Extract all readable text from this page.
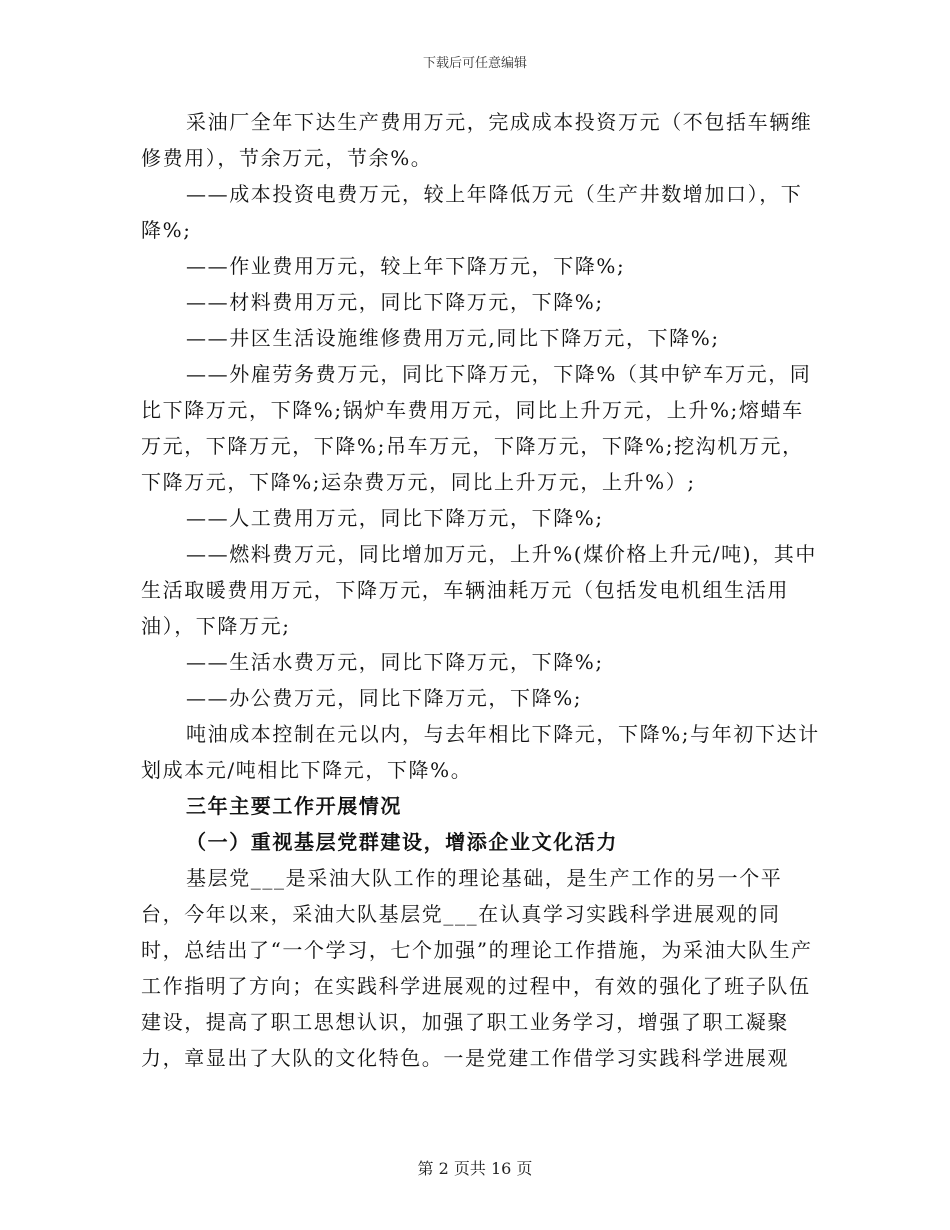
下载后可任意编辑

采油厂全年下达生产费用万元，完成成本投资万元（不包括车辆维修费用），节余万元，节余%。

——成本投资电费万元，较上年降低万元（生产井数增加口），下降%;

——作业费用万元，较上年下降万元，下降%;

——材料费用万元，同比下降万元，下降%;

——井区生活设施维修费用万元,同比下降万元，下降%;

——外雇劳务费万元，同比下降万元，下降%（其中铲车万元，同比下降万元，下降%;锅炉车费用万元，同比上升万元，上升%;熔蜡车万元，下降万元，下降%;吊车万元，下降万元，下降%;挖沟机万元，下降万元，下降%;运杂费万元，同比上升万元，上升%）;

——人工费用万元，同比下降万元，下降%;

——燃料费万元，同比增加万元，上升%(煤价格上升元/吨)，其中生活取暖费用万元，下降万元，车辆油耗万元（包括发电机组生活用油），下降万元;

——生活水费万元，同比下降万元，下降%;

——办公费万元，同比下降万元，下降%;

吨油成本控制在元以内，与去年相比下降元，下降%;与年初下达计划成本元/吨相比下降元，下降%。

三年主要工作开展情况

（一）重视基层党群建设，增添企业文化活力

基层党___是采油大队工作的理论基础，是生产工作的另一个平台，今年以来，采油大队基层党___在认真学习实践科学进展观的同时，总结出了“一个学习，七个加强”的理论工作措施，为采油大队生产工作指明了方向；在实践科学进展观的过程中，有效的强化了班子队伍建设，提高了职工思想认识，加强了职工业务学习，增强了职工凝聚力，章显出了大队的文化特色。一是党建工作借学习实践科学进展观

第 2 页共 16 页
